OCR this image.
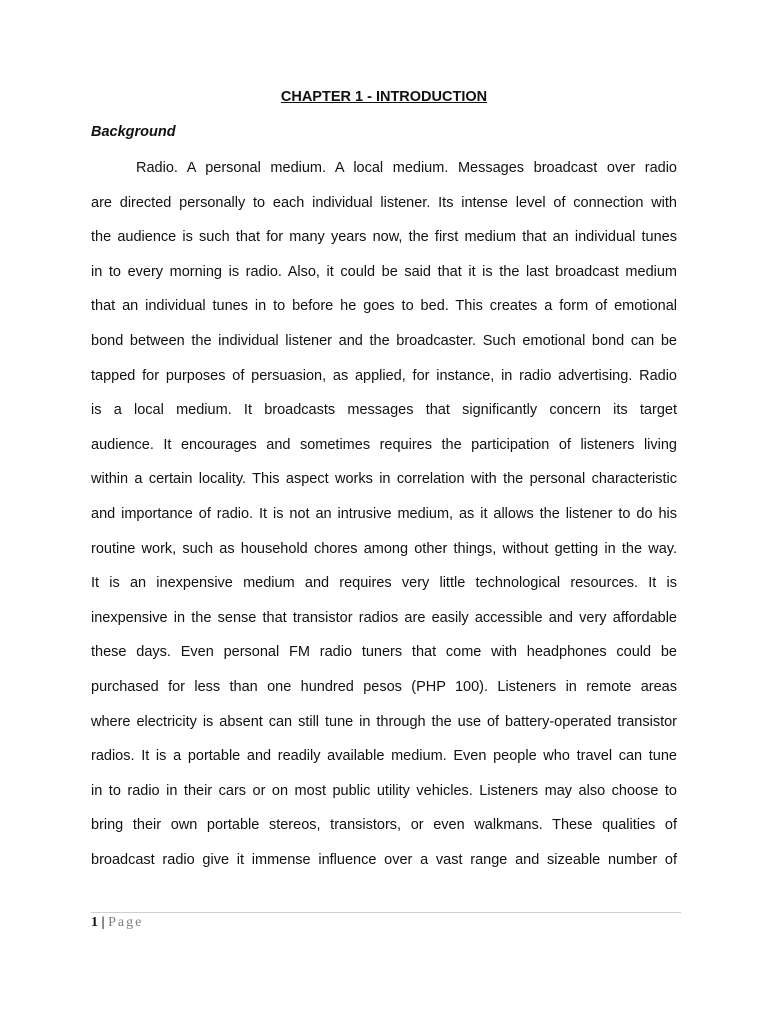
CHAPTER 1 - INTRODUCTION
Background
Radio. A personal medium. A local medium. Messages broadcast over radio
are directed personally to each individual listener. Its intense level of connection with
the audience is such that for many years now, the first medium that an individual tunes
in to every morning is radio. Also, it could be said that it is the last broadcast medium
that an individual tunes in to before he goes to bed. This creates a form of emotional
bond between the individual listener and the broadcaster. Such emotional bond can be
tapped for purposes of persuasion, as applied, for instance, in radio advertising. Radio
is a local medium. It broadcasts messages that significantly concern its target
audience. It encourages and sometimes requires the participation of listeners living
within a certain locality. This aspect works in correlation with the personal characteristic
and importance of radio. It is not an intrusive medium, as it allows the listener to do his
routine work, such as household chores among other things, without getting in the way.
It is an inexpensive medium and requires very little technological resources. It is
inexpensive in the sense that transistor radios are easily accessible and very affordable
these days. Even personal FM radio tuners that come with headphones could be
purchased for less than one hundred pesos (PHP 100). Listeners in remote areas
where electricity is absent can still tune in through the use of battery-operated transistor
radios. It is a portable and readily available medium. Even people who travel can tune
in to radio in their cars or on most public utility vehicles. Listeners may also choose to
bring their own portable stereos, transistors, or even walkmans. These qualities of
broadcast radio give it immense influence over a vast range and sizeable number of
1 | Page
